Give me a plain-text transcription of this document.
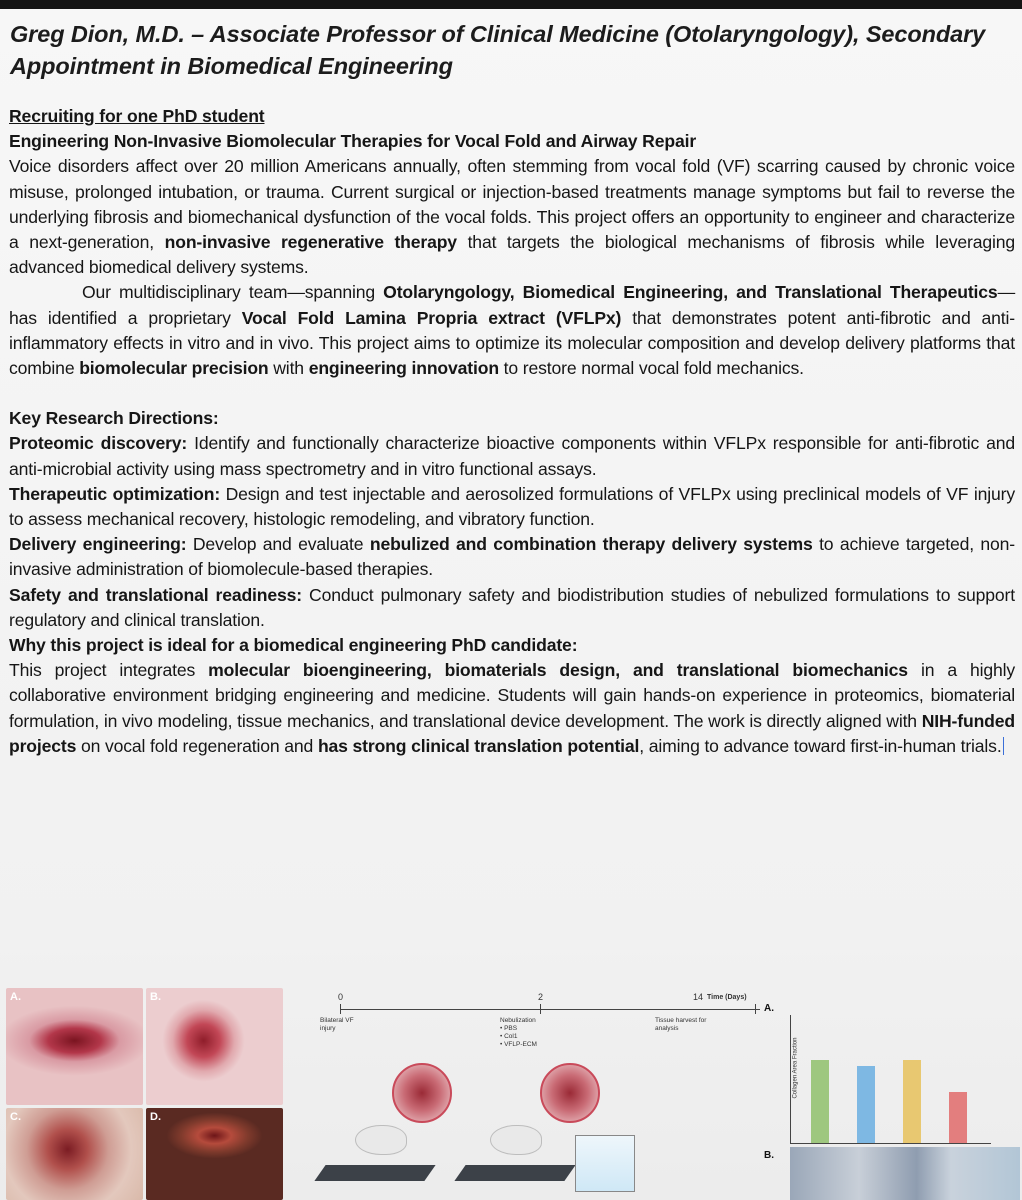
Greg Dion, M.D. – Associate Professor of Clinical Medicine (Otolaryngology), Secondary Appointment in Biomedical Engineering

Recruiting for one PhD student

Engineering Non-Invasive Biomolecular Therapies for Vocal Fold and Airway Repair

Voice disorders affect over 20 million Americans annually, often stemming from vocal fold (VF) scarring caused by chronic voice misuse, prolonged intubation, or trauma. Current surgical or injection-based treatments manage symptoms but fail to reverse the underlying fibrosis and biomechanical dysfunction of the vocal folds. This project offers an opportunity to engineer and characterize a next-generation, non-invasive regenerative therapy that targets the biological mechanisms of fibrosis while leveraging advanced biomedical delivery systems.

Our multidisciplinary team—spanning Otolaryngology, Biomedical Engineering, and Translational Therapeutics—has identified a proprietary Vocal Fold Lamina Propria extract (VFLPx) that demonstrates potent anti-fibrotic and anti-inflammatory effects in vitro and in vivo. This project aims to optimize its molecular composition and develop delivery platforms that combine biomolecular precision with engineering innovation to restore normal vocal fold mechanics.

Key Research Directions:

Proteomic discovery: Identify and functionally characterize bioactive components within VFLPx responsible for anti-fibrotic and anti-microbial activity using mass spectrometry and in vitro functional assays.

Therapeutic optimization: Design and test injectable and aerosolized formulations of VFLPx using preclinical models of VF injury to assess mechanical recovery, histologic remodeling, and vibratory function.

Delivery engineering: Develop and evaluate nebulized and combination therapy delivery systems to achieve targeted, non-invasive administration of biomolecule-based therapies.

Safety and translational readiness: Conduct pulmonary safety and biodistribution studies of nebulized formulations to support regulatory and clinical translation.

Why this project is ideal for a biomedical engineering PhD candidate:

This project integrates molecular bioengineering, biomaterials design, and translational biomechanics in a highly collaborative environment bridging engineering and medicine. Students will gain hands-on experience in proteomics, biomaterial formulation, in vivo modeling, tissue mechanics, and translational device development. The work is directly aligned with NIH-funded projects on vocal fold regeneration and has strong clinical translation potential, aiming to advance toward first-in-human trials.

A.	B.
C.	D.
0	2	14 Time (Days)
Bilateral VF injury
Nebulization
• PBS
• Col1
• VFLP-ECM
Tissue harvest for analysis
A.
B.
Collagen Area Fraction
